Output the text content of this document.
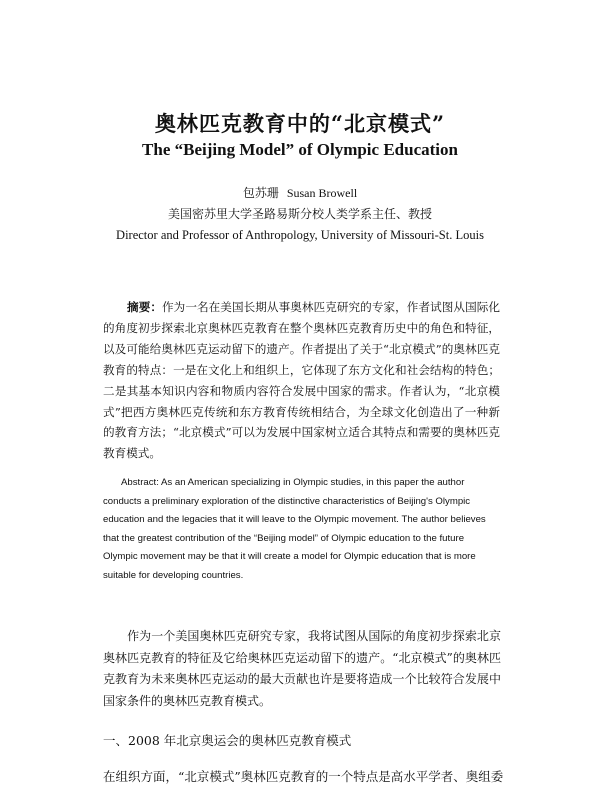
奥林匹克教育中的“北京模式”
The “Beijing Model” of Olympic Education
包苏珊 Susan Browell
美国密苏里大学圣路易斯分校人类学系主任、教授
Director and Professor of Anthropology, University of Missouri-St. Louis
摘要：作为一名在美国长期从事奥林匹克研究的专家，作者试图从国际化的角度初步探索北京奥林匹克教育在整个奥林匹克教育历史中的角色和特征，以及可能给奥林匹克运动留下的遗产。作者提出了关于“北京模式”的奥林匹克教育的特点：一是在文化上和组织上，它体现了东方文化和社会结构的特色；二是其基本知识内容和物质内容符合发展中国家的需求。作者认为，“北京模式”把西方奥林匹克传统和东方教育传统相结合，为全球文化创造出了一种新的教育方法；“北京模式”可以为发展中国家树立适合其特点和需要的奥林匹克教育模式。
Abstract: As an American specializing in Olympic studies, in this paper the author conducts a preliminary exploration of the distinctive characteristics of Beijing's Olympic education and the legacies that it will leave to the Olympic movement. The author believes that the greatest contribution of the “Beijing model” of Olympic education to the future Olympic movement may be that it will create a model for Olympic education that is more suitable for developing countries.
作为一个美国奥林匹克研究专家，我将试图从国际的角度初步探索北京奥林匹克教育的特征及它给奥林匹克运动留下的遗产。“北京模式”的奥林匹克教育为未来奥林匹克运动的最大贡献也许是要将造成一个比较符合发展中国家条件的奥林匹克教育模式。
一、2008 年北京奥运会的奥林匹克教育模式
在组织方面，“北京模式”奥林匹克教育的一个特点是高水平学者、奥组委
